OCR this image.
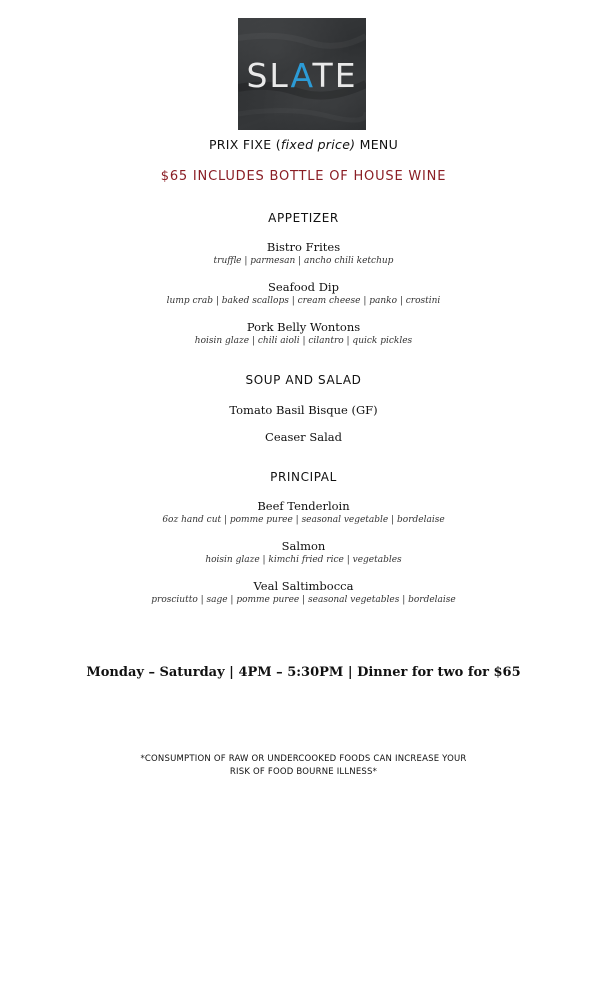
SLATE
PRIX FIXE (fixed price) MENU
$65 INCLUDES BOTTLE OF HOUSE WINE
APPETIZER
Bistro Frites
truffle | parmesan | ancho chili ketchup
Seafood Dip
lump crab | baked scallops | cream cheese | panko | crostini
Pork Belly Wontons
hoisin glaze | chili aioli | cilantro | quick pickles
SOUP AND SALAD
Tomato Basil Bisque (GF)
Ceaser Salad
PRINCIPAL
Beef Tenderloin
6oz hand cut | pomme puree | seasonal vegetable | bordelaise
Salmon
hoisin glaze | kimchi fried rice | vegetables
Veal Saltimbocca
prosciutto | sage | pomme puree | seasonal vegetables | bordelaise
Monday – Saturday | 4PM – 5:30PM | Dinner for two for $65
*CONSUMPTION OF RAW OR UNDERCOOKED FOODS CAN INCREASE YOUR
RISK OF FOOD BOURNE ILLNESS*
